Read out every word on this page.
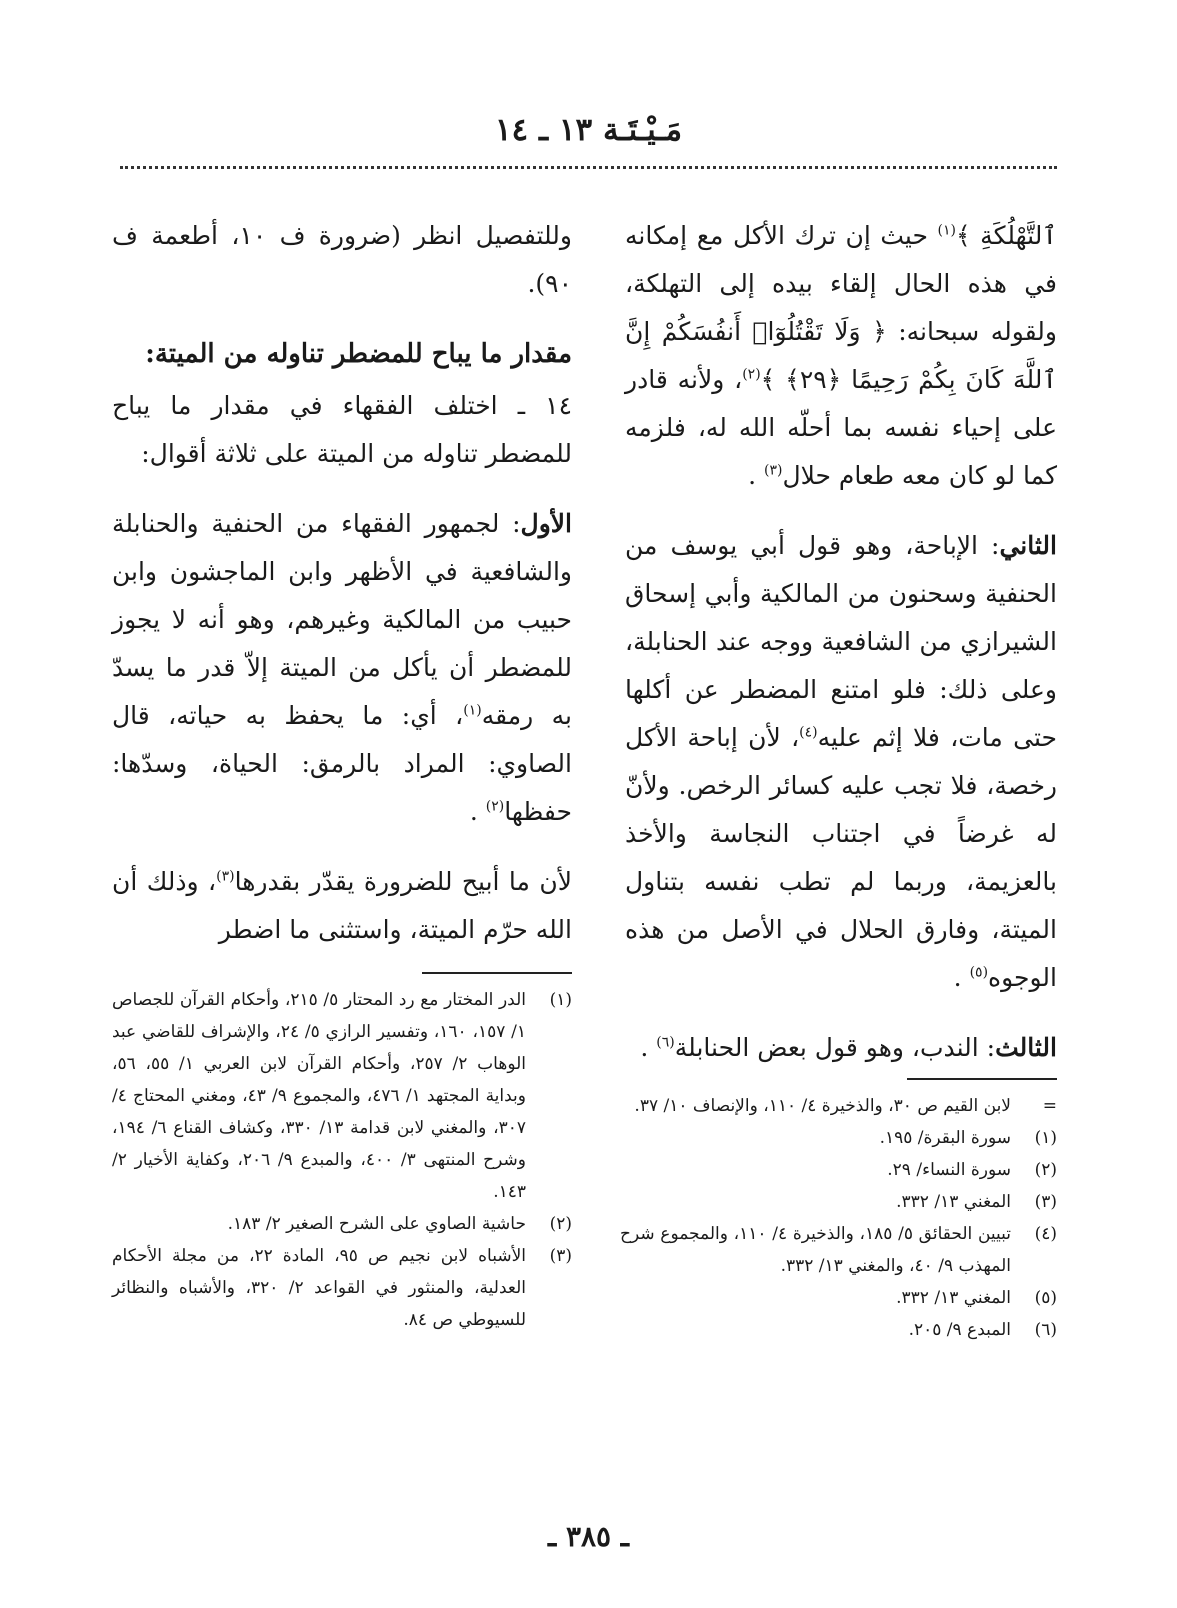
مَـيْـتَـة ١٣ ـ ١٤

ٱلتَّهْلُكَةِ ﴾$^{(١)}$ حيث إن ترك الأكل مع إمكانه في هذه الحال إلقاء بيده إلى التهلكة، ولقوله سبحانه: ﴿ وَلَا تَقْتُلُوٓا۟ أَنفُسَكُمْ إِنَّ ٱللَّهَ كَانَ بِكُمْ رَحِيمًا ﴿٢٩﴾ ﴾$^{(٢)}$، ولأنه قادر على إحياء نفسه بما أحلّه الله له، فلزمه كما لو كان معه طعام حلال$^{(٣)}$ .

الثاني: الإباحة، وهو قول أبي يوسف من الحنفية وسحنون من المالكية وأبي إسحاق الشيرازي من الشافعية ووجه عند الحنابلة، وعلى ذلك: فلو امتنع المضطر عن أكلها حتى مات، فلا إثم عليه$^{(٤)}$، لأن إباحة الأكل رخصة، فلا تجب عليه كسائر الرخص. ولأنّ له غرضاً في اجتناب النجاسة والأخذ بالعزيمة، وربما لم تطب نفسه بتناول الميتة، وفارق الحلال في الأصل من هذه الوجوه$^{(٥)}$ .

الثالث: الندب، وهو قول بعض الحنابلة$^{(٦)}$ .

وللتفصيل انظر (ضرورة ف ١٠، أطعمة ف ٩٠).

مقدار ما يباح للمضطر تناوله من الميتة:

١٤ ـ اختلف الفقهاء في مقدار ما يباح للمضطر تناوله من الميتة على ثلاثة أقوال:

الأول: لجمهور الفقهاء من الحنفية والحنابلة والشافعية في الأظهر وابن الماجشون وابن حبيب من المالكية وغيرهم، وهو أنه لا يجوز للمضطر أن يأكل من الميتة إلاّ قدر ما يسدّ به رمقه$^{(١)}$، أي: ما يحفظ به حياته، قال الصاوي: المراد بالرمق: الحياة، وسدّها: حفظها$^{(٢)}$ .

لأن ما أبيح للضرورة يقدّر بقدرها$^{(٣)}$، وذلك أن الله حرّم الميتة، واستثنى ما اضطر

(١)الدر المختار مع رد المحتار ٥/ ٢١٥، وأحكام القرآن للجصاص ١/ ١٥٧، ١٦٠، وتفسير الرازي ٥/ ٢٤، والإشراف للقاضي عبد الوهاب ٢/ ٢٥٧، وأحكام القرآن لابن العربي ١/ ٥٥، ٥٦، وبداية المجتهد ١/ ٤٧٦، والمجموع ٩/ ٤٣، ومغني المحتاج ٤/ ٣٠٧، والمغني لابن قدامة ١٣/ ٣٣٠، وكشاف القناع ٦/ ١٩٤، وشرح المنتهى ٣/ ٤٠٠، والمبدع ٩/ ٢٠٦، وكفاية الأخيار ٢/ ١٤٣.

(٢)حاشية الصاوي على الشرح الصغير ٢/ ١٨٣.

(٣)الأشباه لابن نجيم ص ٩٥، المادة ٢٢، من مجلة الأحكام العدلية، والمنثور في القواعد ٢/ ٣٢٠، والأشباه والنظائر للسيوطي ص ٨٤.

=لابن القيم ص ٣٠، والذخيرة ٤/ ١١٠، والإنصاف ١٠/ ٣٧.

(١)سورة البقرة/ ١٩٥.

(٢)سورة النساء/ ٢٩.

(٣)المغني ١٣/ ٣٣٢.

(٤)تبيين الحقائق ٥/ ١٨٥، والذخيرة ٤/ ١١٠، والمجموع شرح المهذب ٩/ ٤٠، والمغني ١٣/ ٣٣٢.

(٥)المغني ١٣/ ٣٣٢.

(٦)المبدع ٩/ ٢٠٥.

ـ ٣٨٥ ـ
